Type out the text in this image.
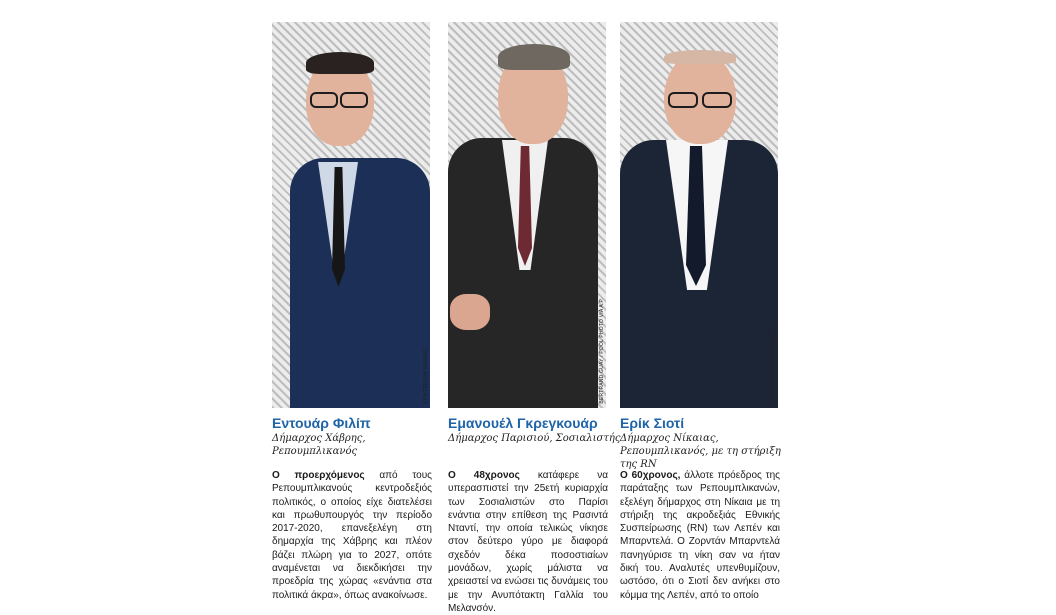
EPA/TERESA SUAREZ
Εντουάρ Φιλίπ
Δήμαρχος Χάβρης, Ρεπουμπλικανός
Ο προερχόμενος από τους Ρεπουμπλικανούς κεντροδεξιός πολιτικός, ο οποίος είχε διατελέσει και πρωθυπουργός την περίοδο 2017-2020, επανεξελέγη στη δημαρχία της Χάβρης και πλέον βάζει πλώρη για το 2027, οπότε αναμένεται να διεκδικήσει την προεδρία της χώρας «ενάντια στα πολιτικά άκρα», όπως ανακοίνωσε.
BERTRAND GUAY / POOL PHOTO VIA A.P.
Εμανουέλ Γκρεγκουάρ
Δήμαρχος Παρισιού, Σοσιαλιστής
Ο 48χρονος κατάφερε να υπερασπιστεί την 25ετή κυριαρχία των Σοσιαλιστών στο Παρίσι ενάντια στην επίθεση της Ρασιντά Νταντί, την οποία τελικώς νίκησε στον δεύτερο γύρο με διαφορά σχεδόν δέκα ποσοστιαίων μονάδων, χωρίς μάλιστα να χρειαστεί να ενώσει τις δυνάμεις του με την Ανυπότακτη Γαλλία του Μελανσόν.
AP PHOTO/THOMAS PADILLA
Ερίκ Σιοτί
Δήμαρχος Νίκαιας, Ρεπουμπλικανός, με τη στήριξη της RN
Ο 60χρονος, άλλοτε πρόεδρος της παράταξης των Ρεπουμπλικανών, εξελέγη δήμαρχος στη Νίκαια με τη στήριξη της ακροδεξιάς Εθνικής Συσπείρωσης (RN) των Λεπέν και Μπαρντελά. Ο Ζορντάν Μπαρντελά πανηγύρισε τη νίκη σαν να ήταν δική του. Αναλυτές υπενθυμίζουν, ωστόσο, ότι ο Σιοτί δεν ανήκει στο κόμμα της Λεπέν, από το οποίο
